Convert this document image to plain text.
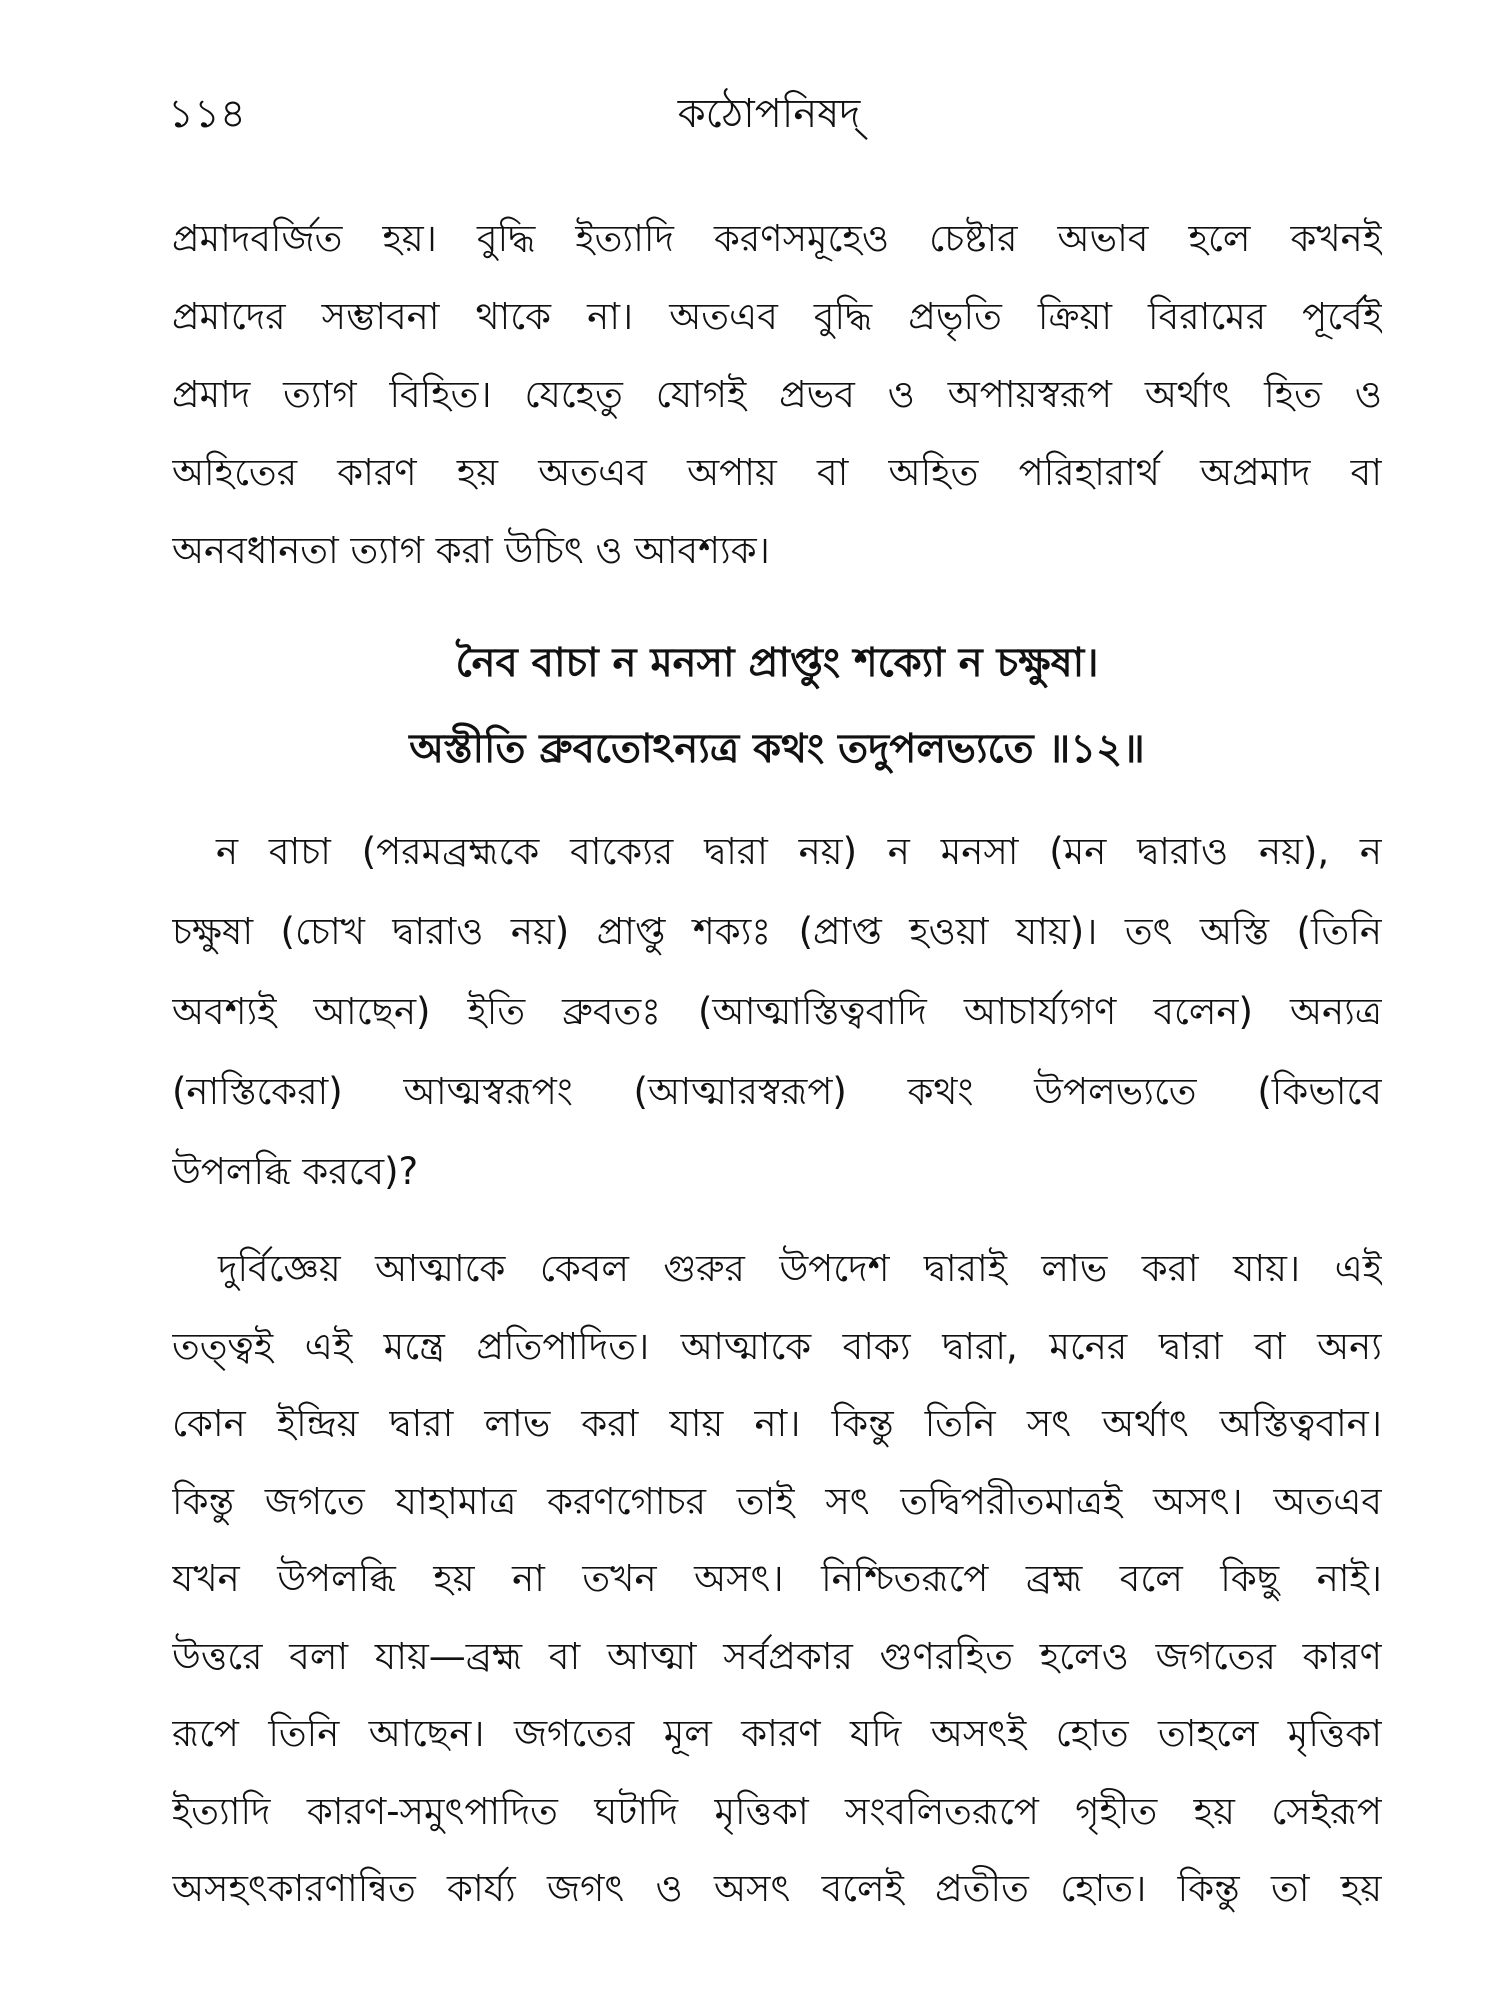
১১৪	কঠোপনিষদ্

প্রমাদবর্জিত হয়। বুদ্ধি ইত্যাদি করণসমূহেও চেষ্টার অভাব হলে কখনই
প্রমাদের সম্ভাবনা থাকে না। অতএব বুদ্ধি প্রভৃতি ক্রিয়া বিরামের পূর্বেই
প্রমাদ ত্যাগ বিহিত। যেহেতু যোগই প্রভব ও অপায়স্বরূপ অর্থাৎ হিত ও
অহিতের কারণ হয় অতএব অপায় বা অহিত পরিহারার্থ অপ্রমাদ বা
অনবধানতা ত্যাগ করা উচিৎ ও আবশ্যক।

নৈব বাচা ন মনসা প্রাপ্তুং শক্যো ন চক্ষুষা।
অস্তীতি ব্রুবতোঽন্যত্র কথং তদুপলভ্যতে ॥১২॥

ন বাচা (পরমব্রহ্মকে বাক্যের দ্বারা নয়) ন মনসা (মন দ্বারাও নয়), ন
চক্ষুষা (চোখ দ্বারাও নয়) প্রাপ্তু শক্যঃ (প্রাপ্ত হওয়া যায়)। তৎ অস্তি (তিনি
অবশ্যই আছেন) ইতি ব্রুবতঃ (আত্মাস্তিত্ববাদি আচার্য্যগণ বলেন) অন্যত্র
(নাস্তিকেরা) আত্মস্বরূপং (আত্মারস্বরূপ) কথং উপলভ্যতে (কিভাবে
উপলব্ধি করবে)?

দুর্বিজ্ঞেয় আত্মাকে কেবল গুরুর উপদেশ দ্বারাই লাভ করা যায়। এই
তত্ত্বই এই মন্ত্রে প্রতিপাদিত। আত্মাকে বাক্য দ্বারা, মনের দ্বারা বা অন্য
কোন ইন্দ্রিয় দ্বারা লাভ করা যায় না। কিন্তু তিনি সৎ অর্থাৎ অস্তিত্ববান।
কিন্তু জগতে যাহামাত্র করণগোচর তাই সৎ তদ্বিপরীতমাত্রই অসৎ। অতএব
যখন উপলব্ধি হয় না তখন অসৎ। নিশ্চিতরূপে ব্রহ্ম বলে কিছু নাই।
উত্তরে বলা যায়—ব্রহ্ম বা আত্মা সর্বপ্রকার গুণরহিত হলেও জগতের কারণ
রূপে তিনি আছেন। জগতের মূল কারণ যদি অসৎই হোত তাহলে মৃত্তিকা
ইত্যাদি কারণ-সমুৎপাদিত ঘটাদি মৃত্তিকা সংবলিতরূপে গৃহীত হয় সেইরূপ
অসহৎকারণান্বিত কার্য্য জগৎ ও অসৎ বলেই প্রতীত হোত। কিন্তু তা হয়
